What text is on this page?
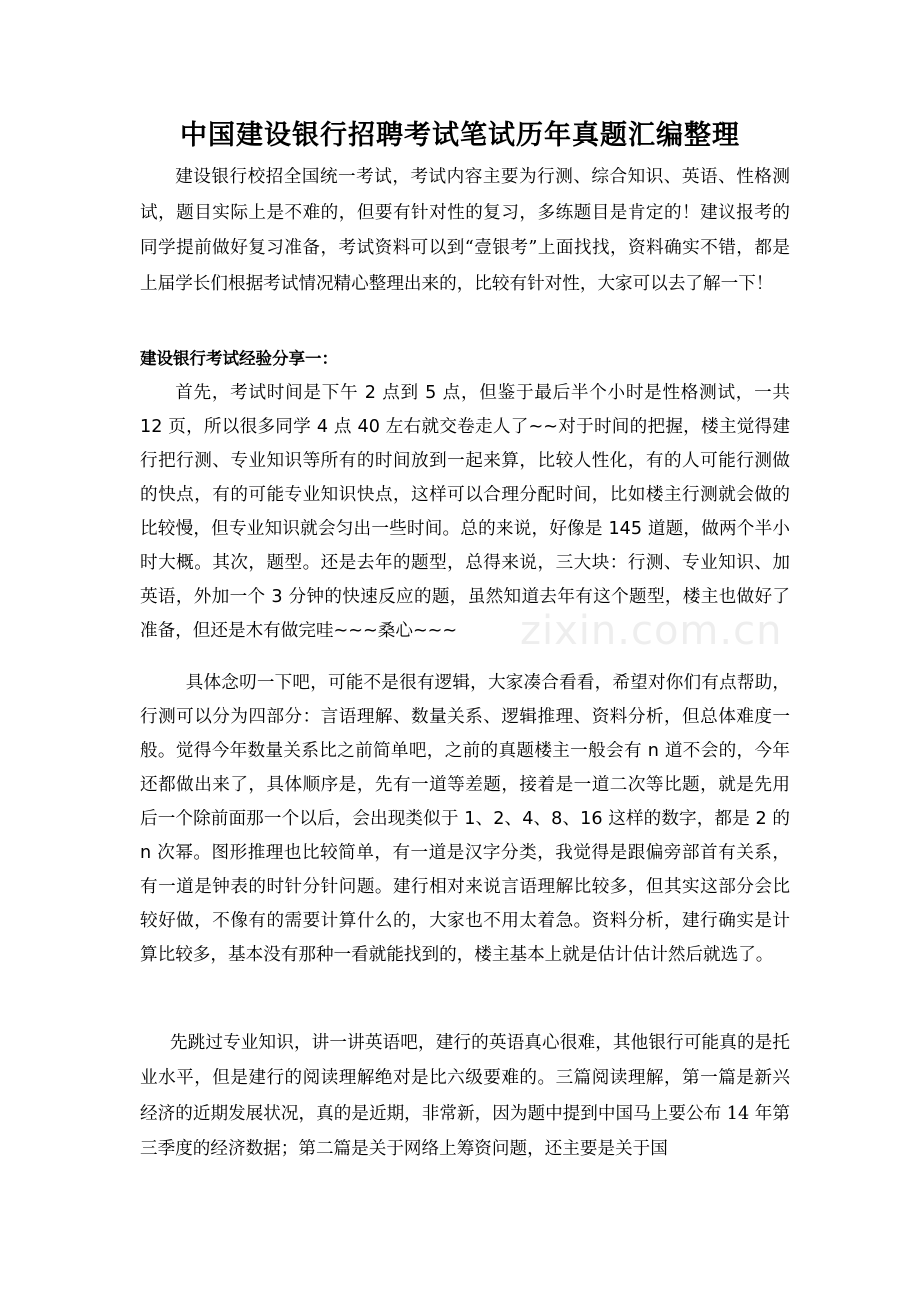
中国建设银行招聘考试笔试历年真题汇编整理

建设银行校招全国统一考试，考试内容主要为行测、综合知识、英语、性格测试，题目实际上是不难的，但要有针对性的复习，多练题目是肯定的！建议报考的同学提前做好复习准备，考试资料可以到“壹银考”上面找找，资料确实不错，都是上届学长们根据考试情况精心整理出来的，比较有针对性，大家可以去了解一下！

建设银行考试经验分享一：

首先，考试时间是下午 2 点到 5 点，但鉴于最后半个小时是性格测试，一共 12 页，所以很多同学 4 点 40 左右就交卷走人了~~对于时间的把握，楼主觉得建行把行测、专业知识等所有的时间放到一起来算，比较人性化，有的人可能行测做的快点，有的可能专业知识快点，这样可以合理分配时间，比如楼主行测就会做的比较慢，但专业知识就会匀出一些时间。总的来说，好像是 145 道题，做两个半小时大概。其次，题型。还是去年的题型，总得来说，三大块：行测、专业知识、加英语，外加一个 3 分钟的快速反应的题，虽然知道去年有这个题型，楼主也做好了准备，但还是木有做完哇~~~桑心~~~

具体念叨一下吧，可能不是很有逻辑，大家凑合看看，希望对你们有点帮助，行测可以分为四部分：言语理解、数量关系、逻辑推理、资料分析，但总体难度一般。觉得今年数量关系比之前简单吧，之前的真题楼主一般会有 n 道不会的，今年还都做出来了，具体顺序是，先有一道等差题，接着是一道二次等比题，就是先用后一个除前面那一个以后，会出现类似于 1、2、4、8、16 这样的数字，都是 2 的 n 次幂。图形推理也比较简单，有一道是汉字分类，我觉得是跟偏旁部首有关系，有一道是钟表的时针分针问题。建行相对来说言语理解比较多，但其实这部分会比较好做，不像有的需要计算什么的，大家也不用太着急。资料分析，建行确实是计算比较多，基本没有那种一看就能找到的，楼主基本上就是估计估计然后就选了。

先跳过专业知识，讲一讲英语吧，建行的英语真心很难，其他银行可能真的是托业水平，但是建行的阅读理解绝对是比六级要难的。三篇阅读理解，第一篇是新兴经济的近期发展状况，真的是近期，非常新，因为题中提到中国马上要公布 14 年第三季度的经济数据；第二篇是关于网络上筹资问题，还主要是关于国

zixin.com.cn
